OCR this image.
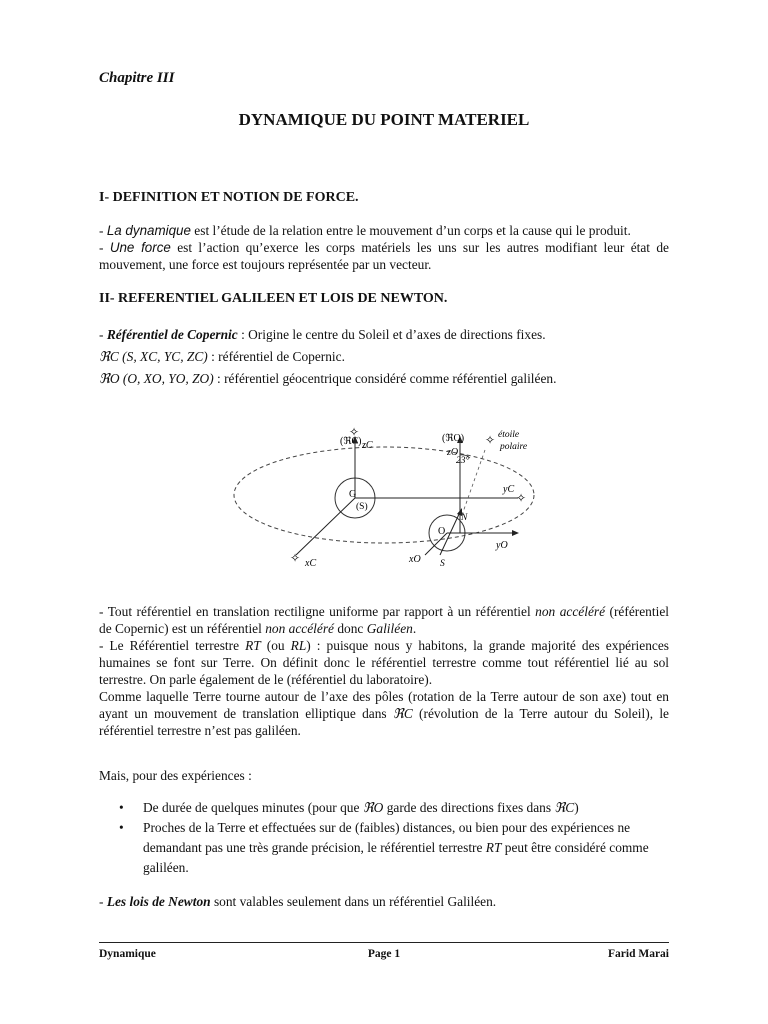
Chapitre III
DYNAMIQUE DU POINT MATERIEL
I- DEFINITION ET NOTION DE FORCE.
- La dynamique est l’étude de la relation entre le mouvement d’un corps et la cause qui le produit.
- Une force est l’action qu’exerce les corps matériels les uns sur les autres modifiant leur état de mouvement, une force est toujours représentée par un vecteur.
II- REFERENTIEL GALILEEN ET LOIS DE NEWTON.
- Référentiel de Copernic : Origine le centre du Soleil et d’axes de directions fixes.
ℜC (S, XC, YC, ZC) : référentiel de Copernic.
ℜO (O, XO, YO, ZO) : référentiel géocentrique considéré comme référentiel galiléen.
✧
✧
✧
✧
(ℜC) zC
(ℜO)
zO
étoile
polaire
23°
G
(S)
yC
yO
O
N
S
xC	xO
- Tout référentiel en translation rectiligne uniforme par rapport à un référentiel non accéléré (référentiel de Copernic) est un référentiel non accéléré donc Galiléen.
- Le Référentiel terrestre RT (ou RL) : puisque nous y habitons, la grande majorité des expériences humaines se font sur Terre. On définit donc le référentiel terrestre comme tout référentiel lié au sol terrestre. On parle également de le (référentiel du laboratoire).
Comme laquelle Terre tourne autour de l’axe des pôles (rotation de la Terre autour de son axe) tout en ayant un mouvement de translation elliptique dans ℜC (révolution de la Terre autour du Soleil), le référentiel terrestre n’est pas galiléen.
Mais, pour des expériences :
• De durée de quelques minutes (pour que ℜO garde des directions fixes dans ℜC)
• Proches de la Terre et effectuées sur de (faibles) distances, ou bien pour des expériences ne demandant pas une très grande précision, le référentiel terrestre RT peut être considéré comme galiléen.
- Les lois de Newton sont valables seulement dans un référentiel Galiléen.
Dynamique	Page 1	Farid Marai
